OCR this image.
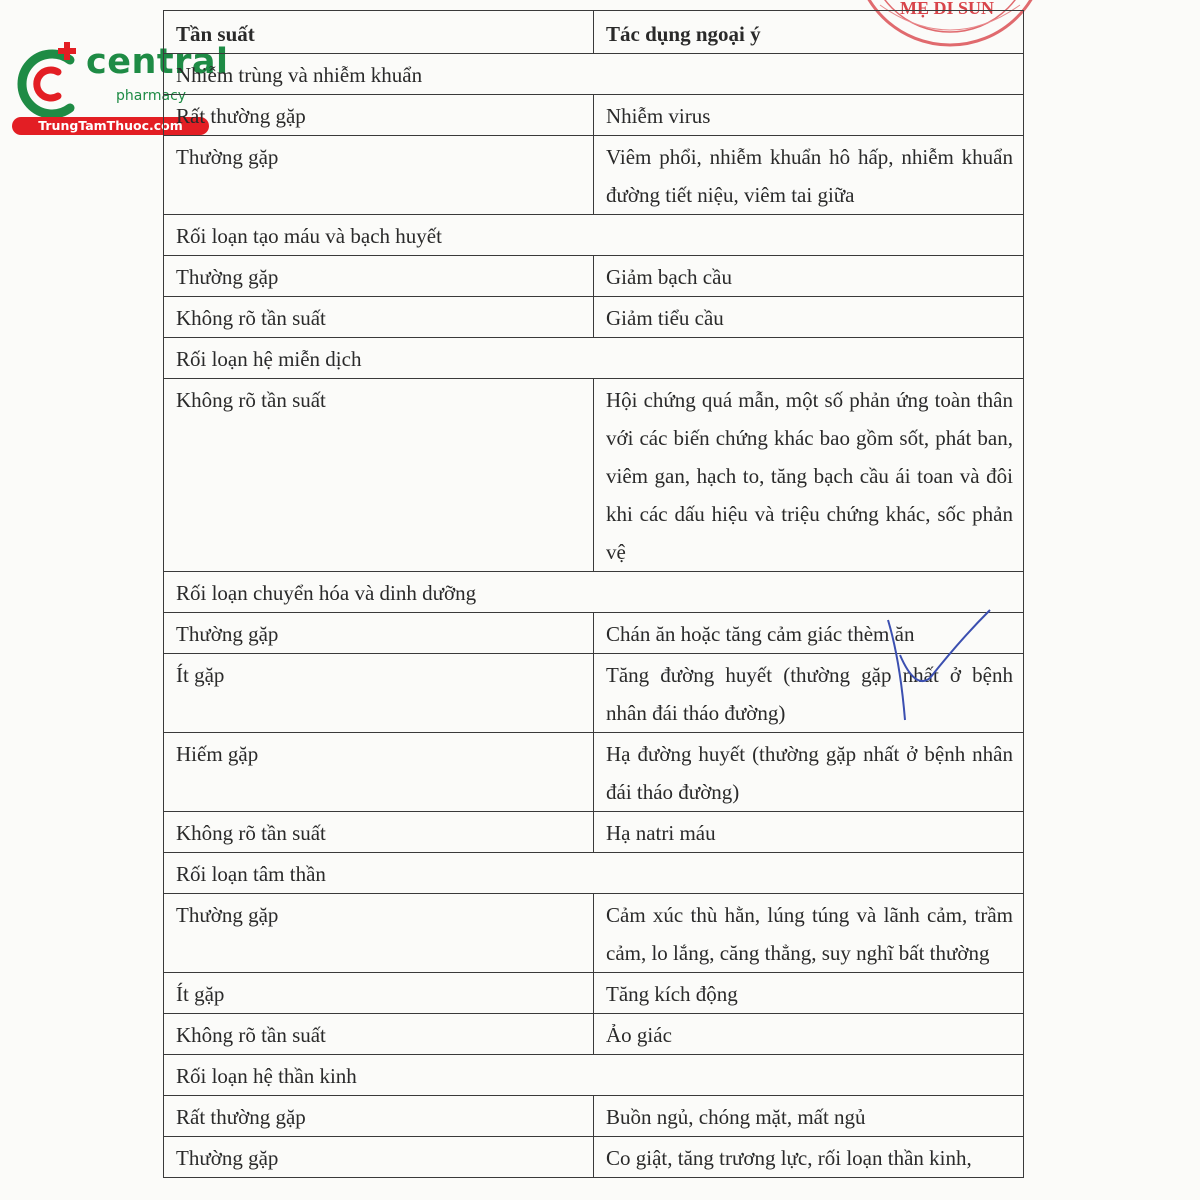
MẸ DI SUN
central
pharmacy
TrungTamThuoc.com
Tần suất	Tác dụng ngoại ý
Nhiễm trùng và nhiễm khuẩn	
Rất thường gặp	Nhiễm virus
Thường gặp	Viêm phổi, nhiễm khuẩn hô hấp, nhiễm khuẩn đường tiết niệu, viêm tai giữa
Rối loạn tạo máu và bạch huyết	
Thường gặp	Giảm bạch cầu
Không rõ tần suất	Giảm tiểu cầu
Rối loạn hệ miễn dịch	
Không rõ tần suất	Hội chứng quá mẫn, một số phản ứng toàn thân với các biến chứng khác bao gồm sốt, phát ban, viêm gan, hạch to, tăng bạch cầu ái toan và đôi khi các dấu hiệu và triệu chứng khác, sốc phản vệ
Rối loạn chuyển hóa và dinh dưỡng	
Thường gặp	Chán ăn hoặc tăng cảm giác thèm ăn
Ít gặp	Tăng đường huyết (thường gặp nhất ở bệnh nhân đái tháo đường)
Hiếm gặp	Hạ đường huyết (thường gặp nhất ở bệnh nhân đái tháo đường)
Không rõ tần suất	Hạ natri máu
Rối loạn tâm thần	
Thường gặp	Cảm xúc thù hằn, lúng túng và lãnh cảm, trầm cảm, lo lắng, căng thẳng, suy nghĩ bất thường
Ít gặp	Tăng kích động
Không rõ tần suất	Ảo giác
Rối loạn hệ thần kinh	
Rất thường gặp	Buồn ngủ, chóng mặt, mất ngủ
Thường gặp	Co giật, tăng trương lực, rối loạn thần kinh,
